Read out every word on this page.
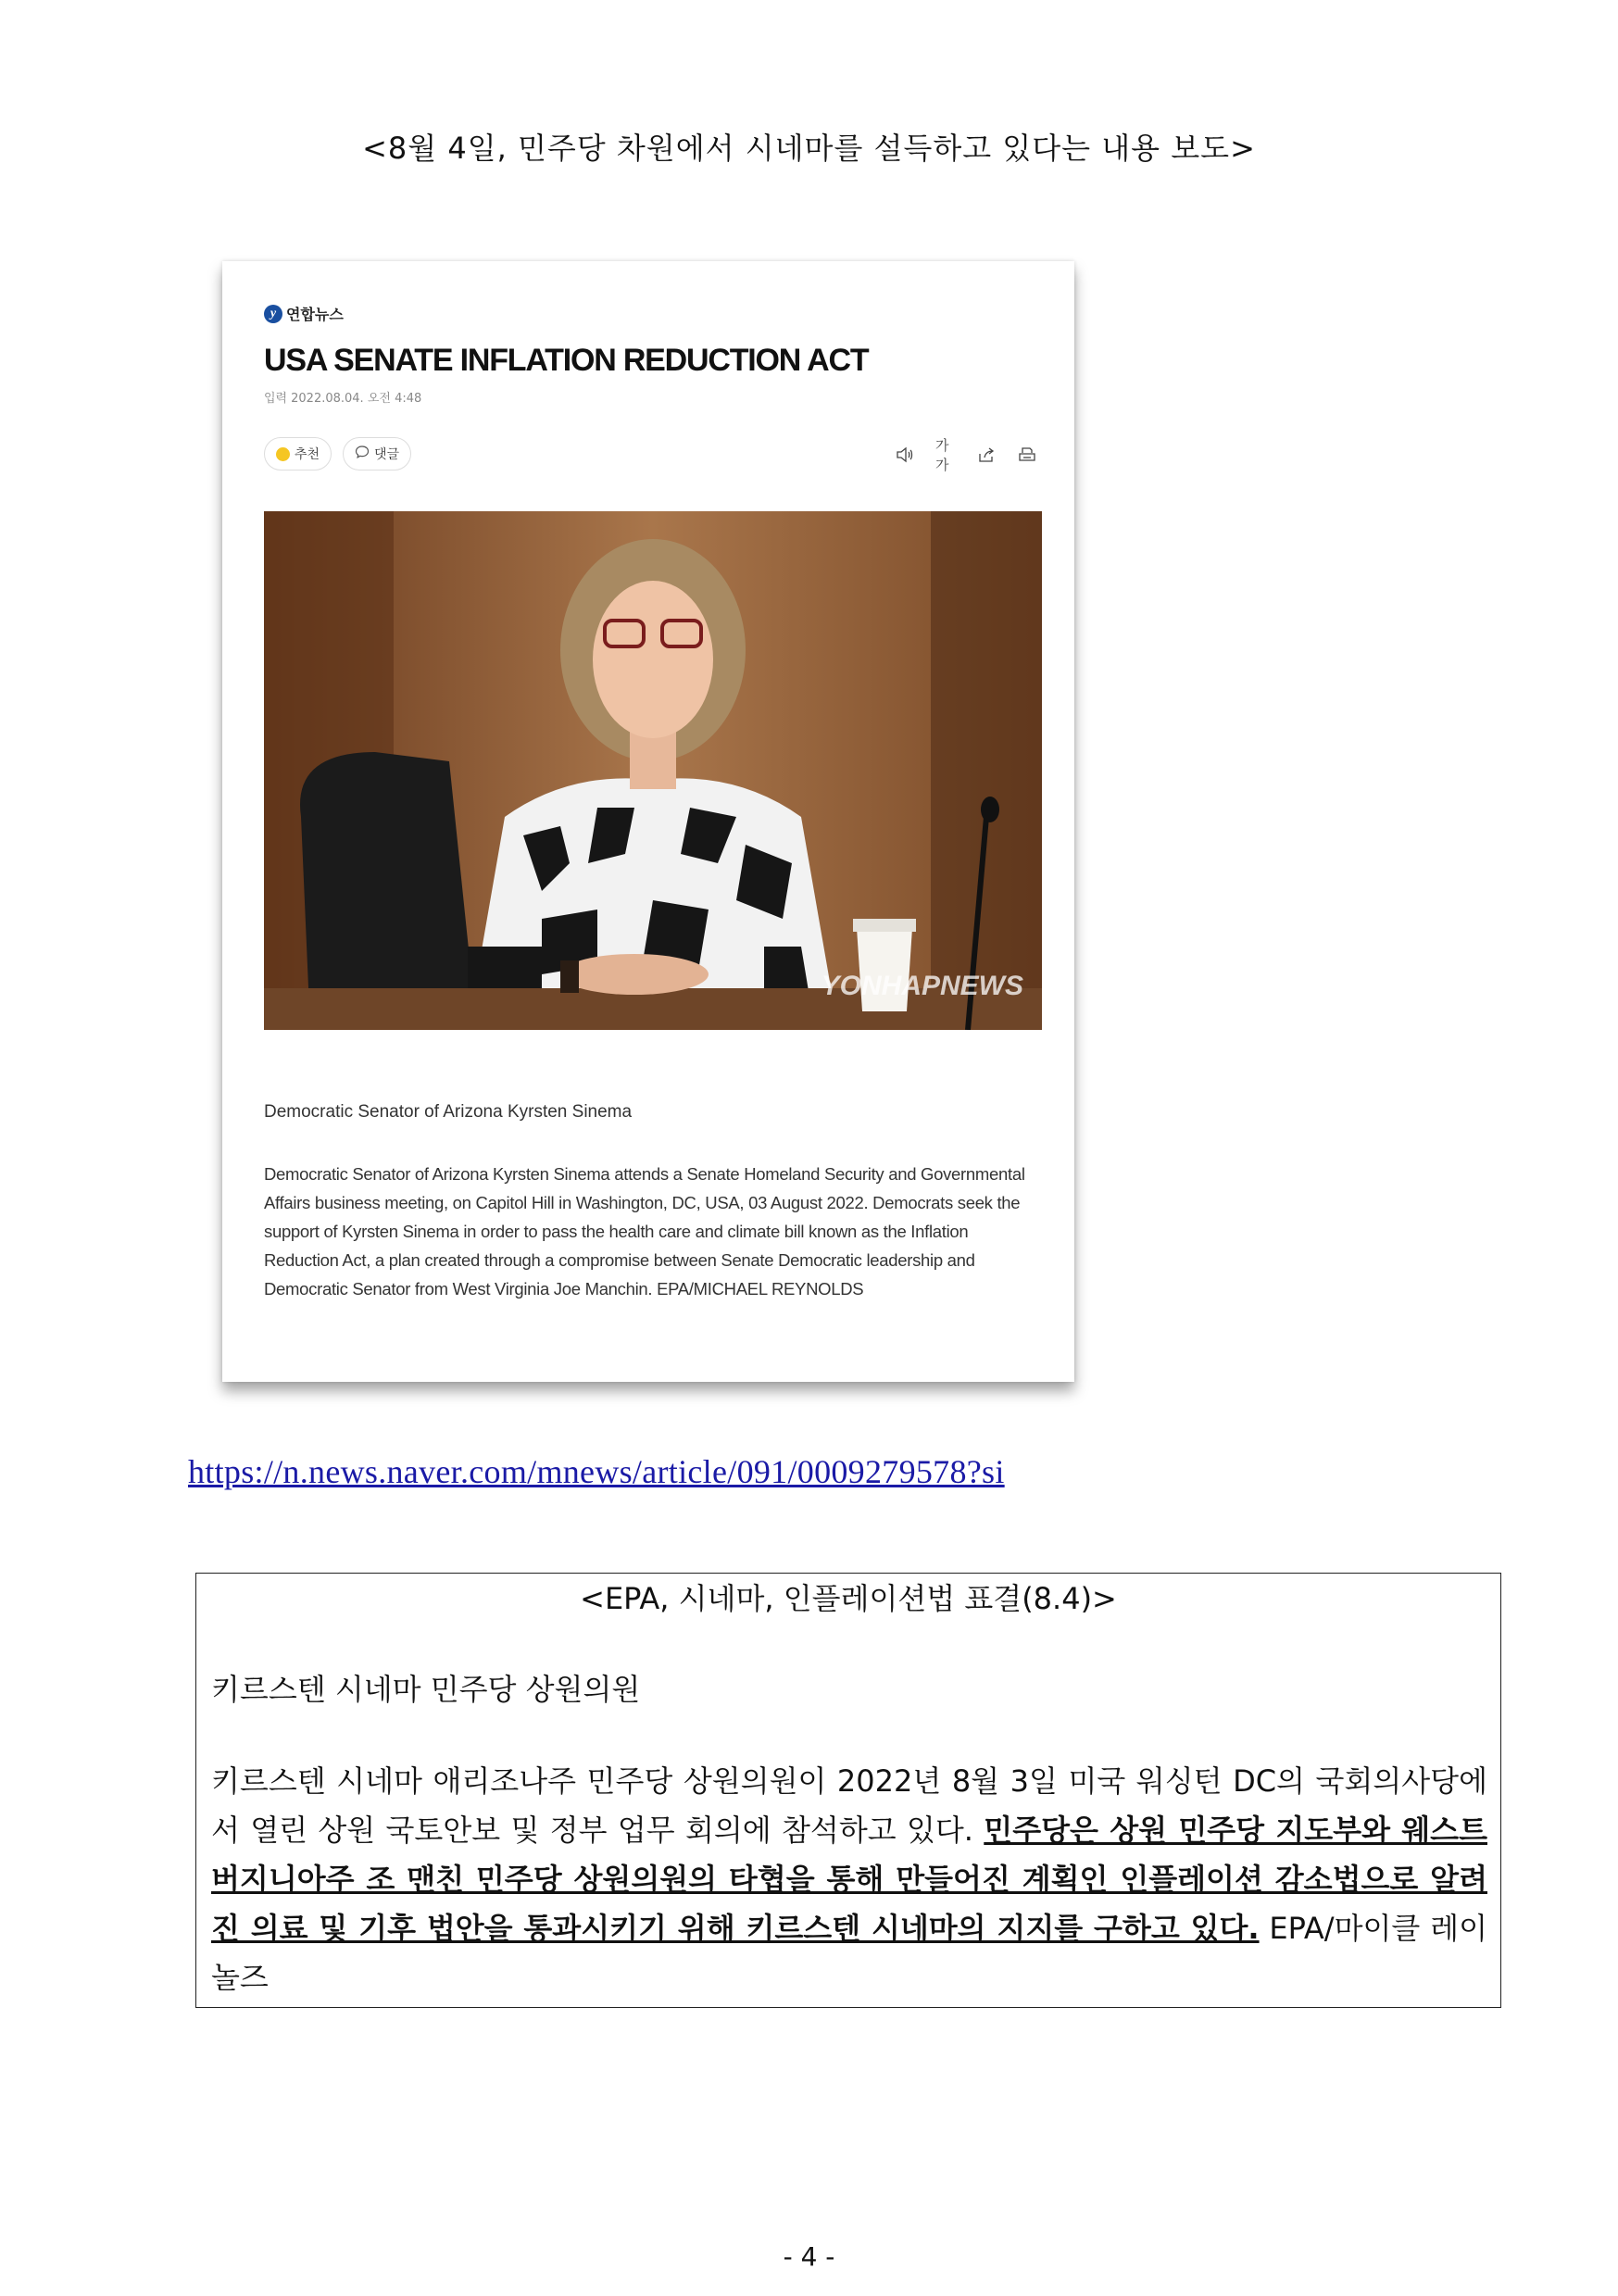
<8월 4일, 민주당 차원에서 시네마를 설득하고 있다는 내용 보도>
y 연합뉴스
USA SENATE INFLATION REDUCTION ACT
입력 2022.08.04. 오전 4:48
추천	댓글
가가
YONHAPNEWS
Democratic Senator of Arizona Kyrsten Sinema
Democratic Senator of Arizona Kyrsten Sinema attends a Senate Homeland Security and Governmental Affairs business meeting, on Capitol Hill in Washington, DC, USA, 03 August 2022. Democrats seek the support of Kyrsten Sinema in order to pass the health care and climate bill known as the Inflation Reduction Act, a plan created through a compromise between Senate Democratic leadership and Democratic Senator from West Virginia Joe Manchin. EPA/MICHAEL REYNOLDS
https://n.news.naver.com/mnews/article/091/0009279578?si
<EPA, 시네마, 인플레이션법 표결(8.4)>
키르스텐 시네마 민주당 상원의원
키르스텐 시네마 애리조나주 민주당 상원의원이 2022년 8월 3일 미국 워싱턴 DC의 국회의사당에서 열린 상원 국토안보 및 정부 업무 회의에 참석하고 있다. 민주당은 상원 민주당 지도부와 웨스트버지니아주 조 맨친 민주당 상원의원의 타협을 통해 만들어진 계획인 인플레이션 감소법으로 알려진 의료 및 기후 법안을 통과시키기 위해 키르스텐 시네마의 지지를 구하고 있다. EPA/마이클 레이놀즈
- 4 -
